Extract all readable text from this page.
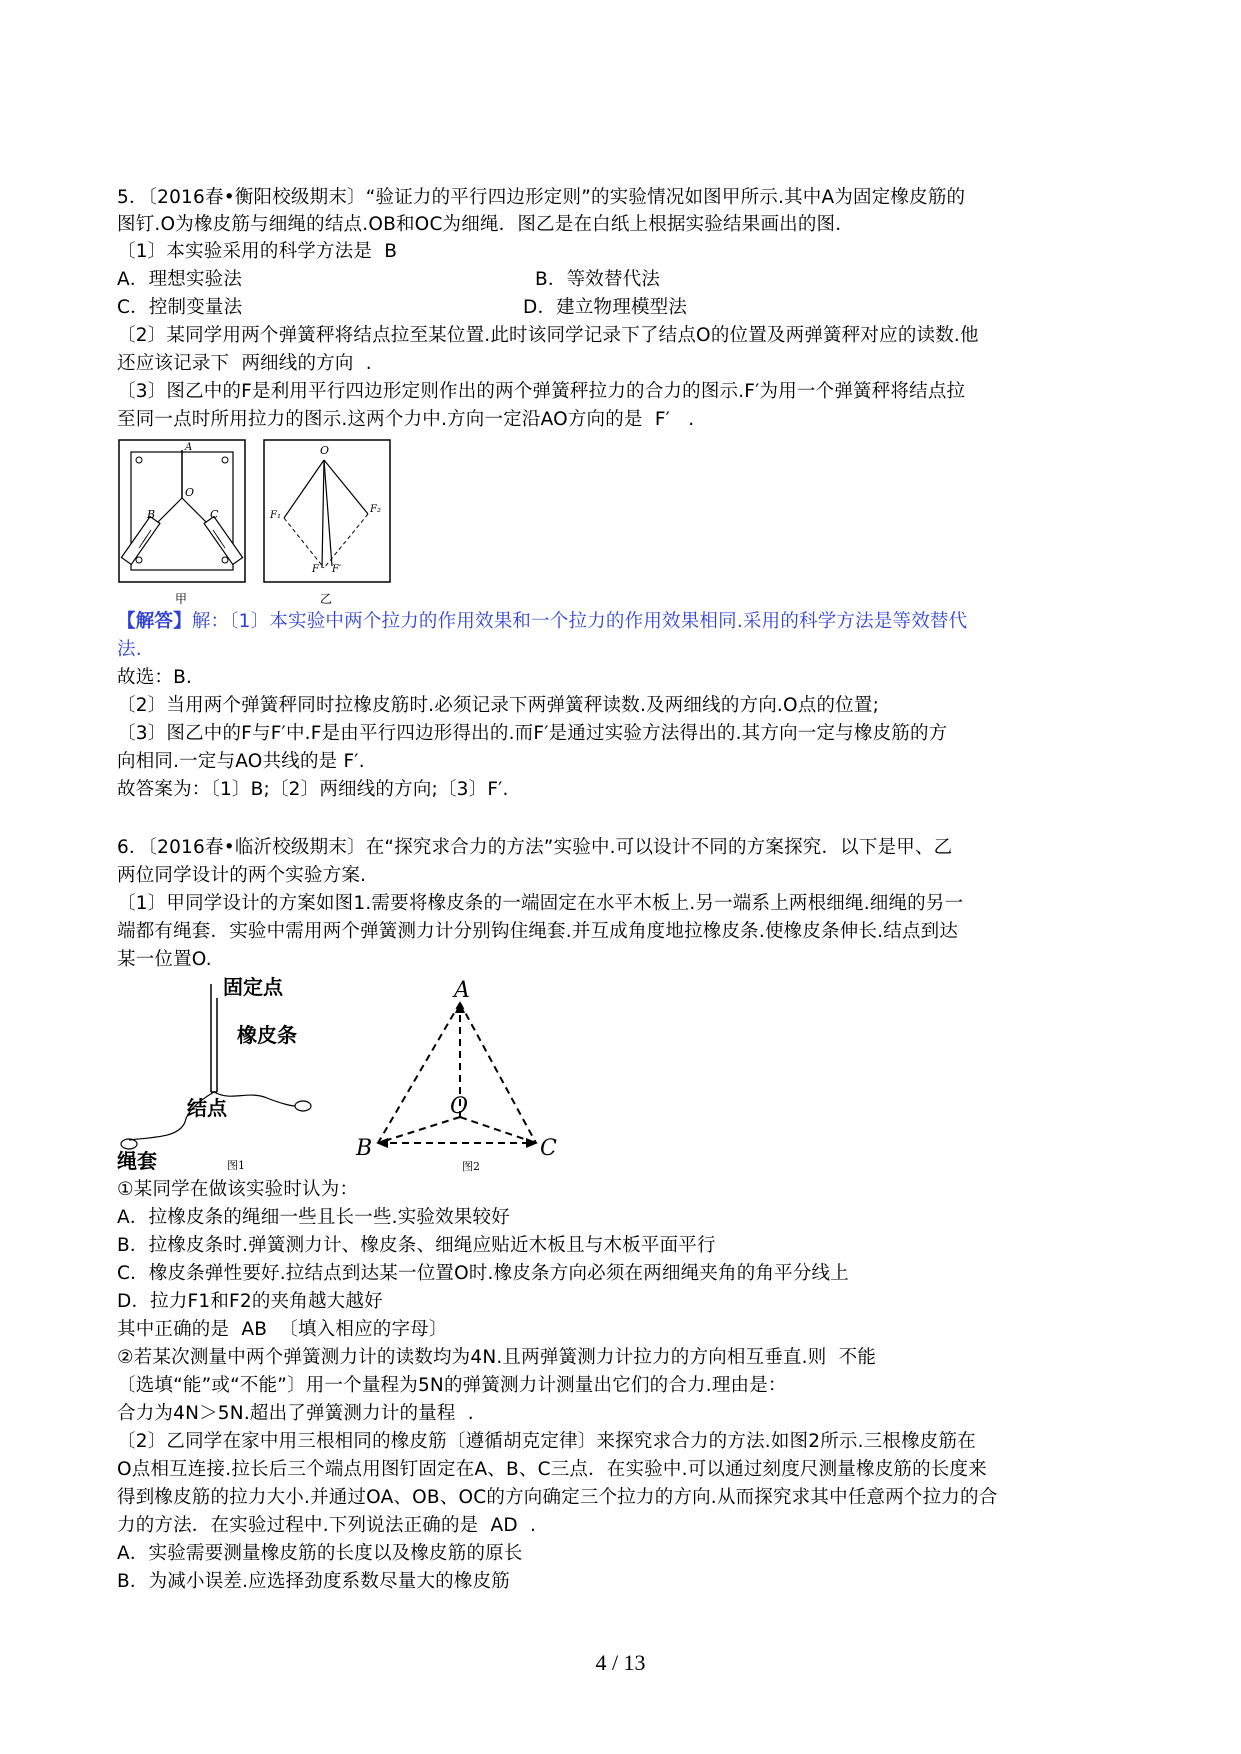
5．〔2016春•衡阳校级期末〕“验证力的平行四边形定则”的实验情况如图甲所示.其中A为固定橡皮筋的
图钉.O为橡皮筋与细绳的结点.OB和OC为细绳．图乙是在白纸上根据实验结果画出的图．
〔1〕本实验采用的科学方法是  B
A．理想实验法	B．等效替代法
C．控制变量法	D．建立物理模型法
〔2〕某同学用两个弹簧秤将结点拉至某位置.此时该同学记录下了结点O的位置及两弹簧秤对应的读数.他
还应该记录下  两细线的方向  .
〔3〕图乙中的F是利用平行四边形定则作出的两个弹簧秤拉力的合力的图示.F′为用一个弹簧秤将结点拉
至同一点时所用拉力的图示.这两个力中.方向一定沿AO方向的是  F′   .
A
O
B	C
甲
O
F₁
F₂
F F′
乙
【解答】解：〔1〕本实验中两个拉力的作用效果和一个拉力的作用效果相同.采用的科学方法是等效替代
法.
故选：B.
〔2〕当用两个弹簧秤同时拉橡皮筋时.必须记录下两弹簧秤读数.及两细线的方向.O点的位置;
〔3〕图乙中的F与F′中.F是由平行四边形得出的.而F′是通过实验方法得出的.其方向一定与橡皮筋的方
向相同.一定与AO共线的是 F′.
故答案为：〔1〕B;〔2〕两细线的方向;〔3〕F′.
6．〔2016春•临沂校级期末〕在“探究求合力的方法”实验中.可以设计不同的方案探究．以下是甲、乙
两位同学设计的两个实验方案.
〔1〕甲同学设计的方案如图1.需要将橡皮条的一端固定在水平木板上.另一端系上两根细绳.细绳的另一
端都有绳套．实验中需用两个弹簧测力计分别钩住绳套.并互成角度地拉橡皮条.使橡皮条伸长.结点到达
某一位置O.
固定点
橡皮条
结点
绳套	图1
A
B	C
O
图2
①某同学在做该实验时认为：
A．拉橡皮条的绳细一些且长一些.实验效果较好
B．拉橡皮条时.弹簧测力计、橡皮条、细绳应贴近木板且与木板平面平行
C．橡皮条弹性要好.拉结点到达某一位置O时.橡皮条方向必须在两细绳夹角的角平分线上
D．拉力F1和F2的夹角越大越好
其中正确的是  AB  〔填入相应的字母〕
②若某次测量中两个弹簧测力计的读数均为4N.且两弹簧测力计拉力的方向相互垂直.则  不能
〔选填“能”或“不能”〕用一个量程为5N的弹簧测力计测量出它们的合力.理由是：
合力为4N＞5N.超出了弹簧测力计的量程  .
〔2〕乙同学在家中用三根相同的橡皮筋〔遵循胡克定律〕来探究求合力的方法.如图2所示.三根橡皮筋在
O点相互连接.拉长后三个端点用图钉固定在A、B、C三点．在实验中.可以通过刻度尺测量橡皮筋的长度来
得到橡皮筋的拉力大小.并通过OA、OB、OC的方向确定三个拉力的方向.从而探究求其中任意两个拉力的合
力的方法．在实验过程中.下列说法正确的是  AD  .
A．实验需要测量橡皮筋的长度以及橡皮筋的原长
B．为减小误差.应选择劲度系数尽量大的橡皮筋
4 / 13
